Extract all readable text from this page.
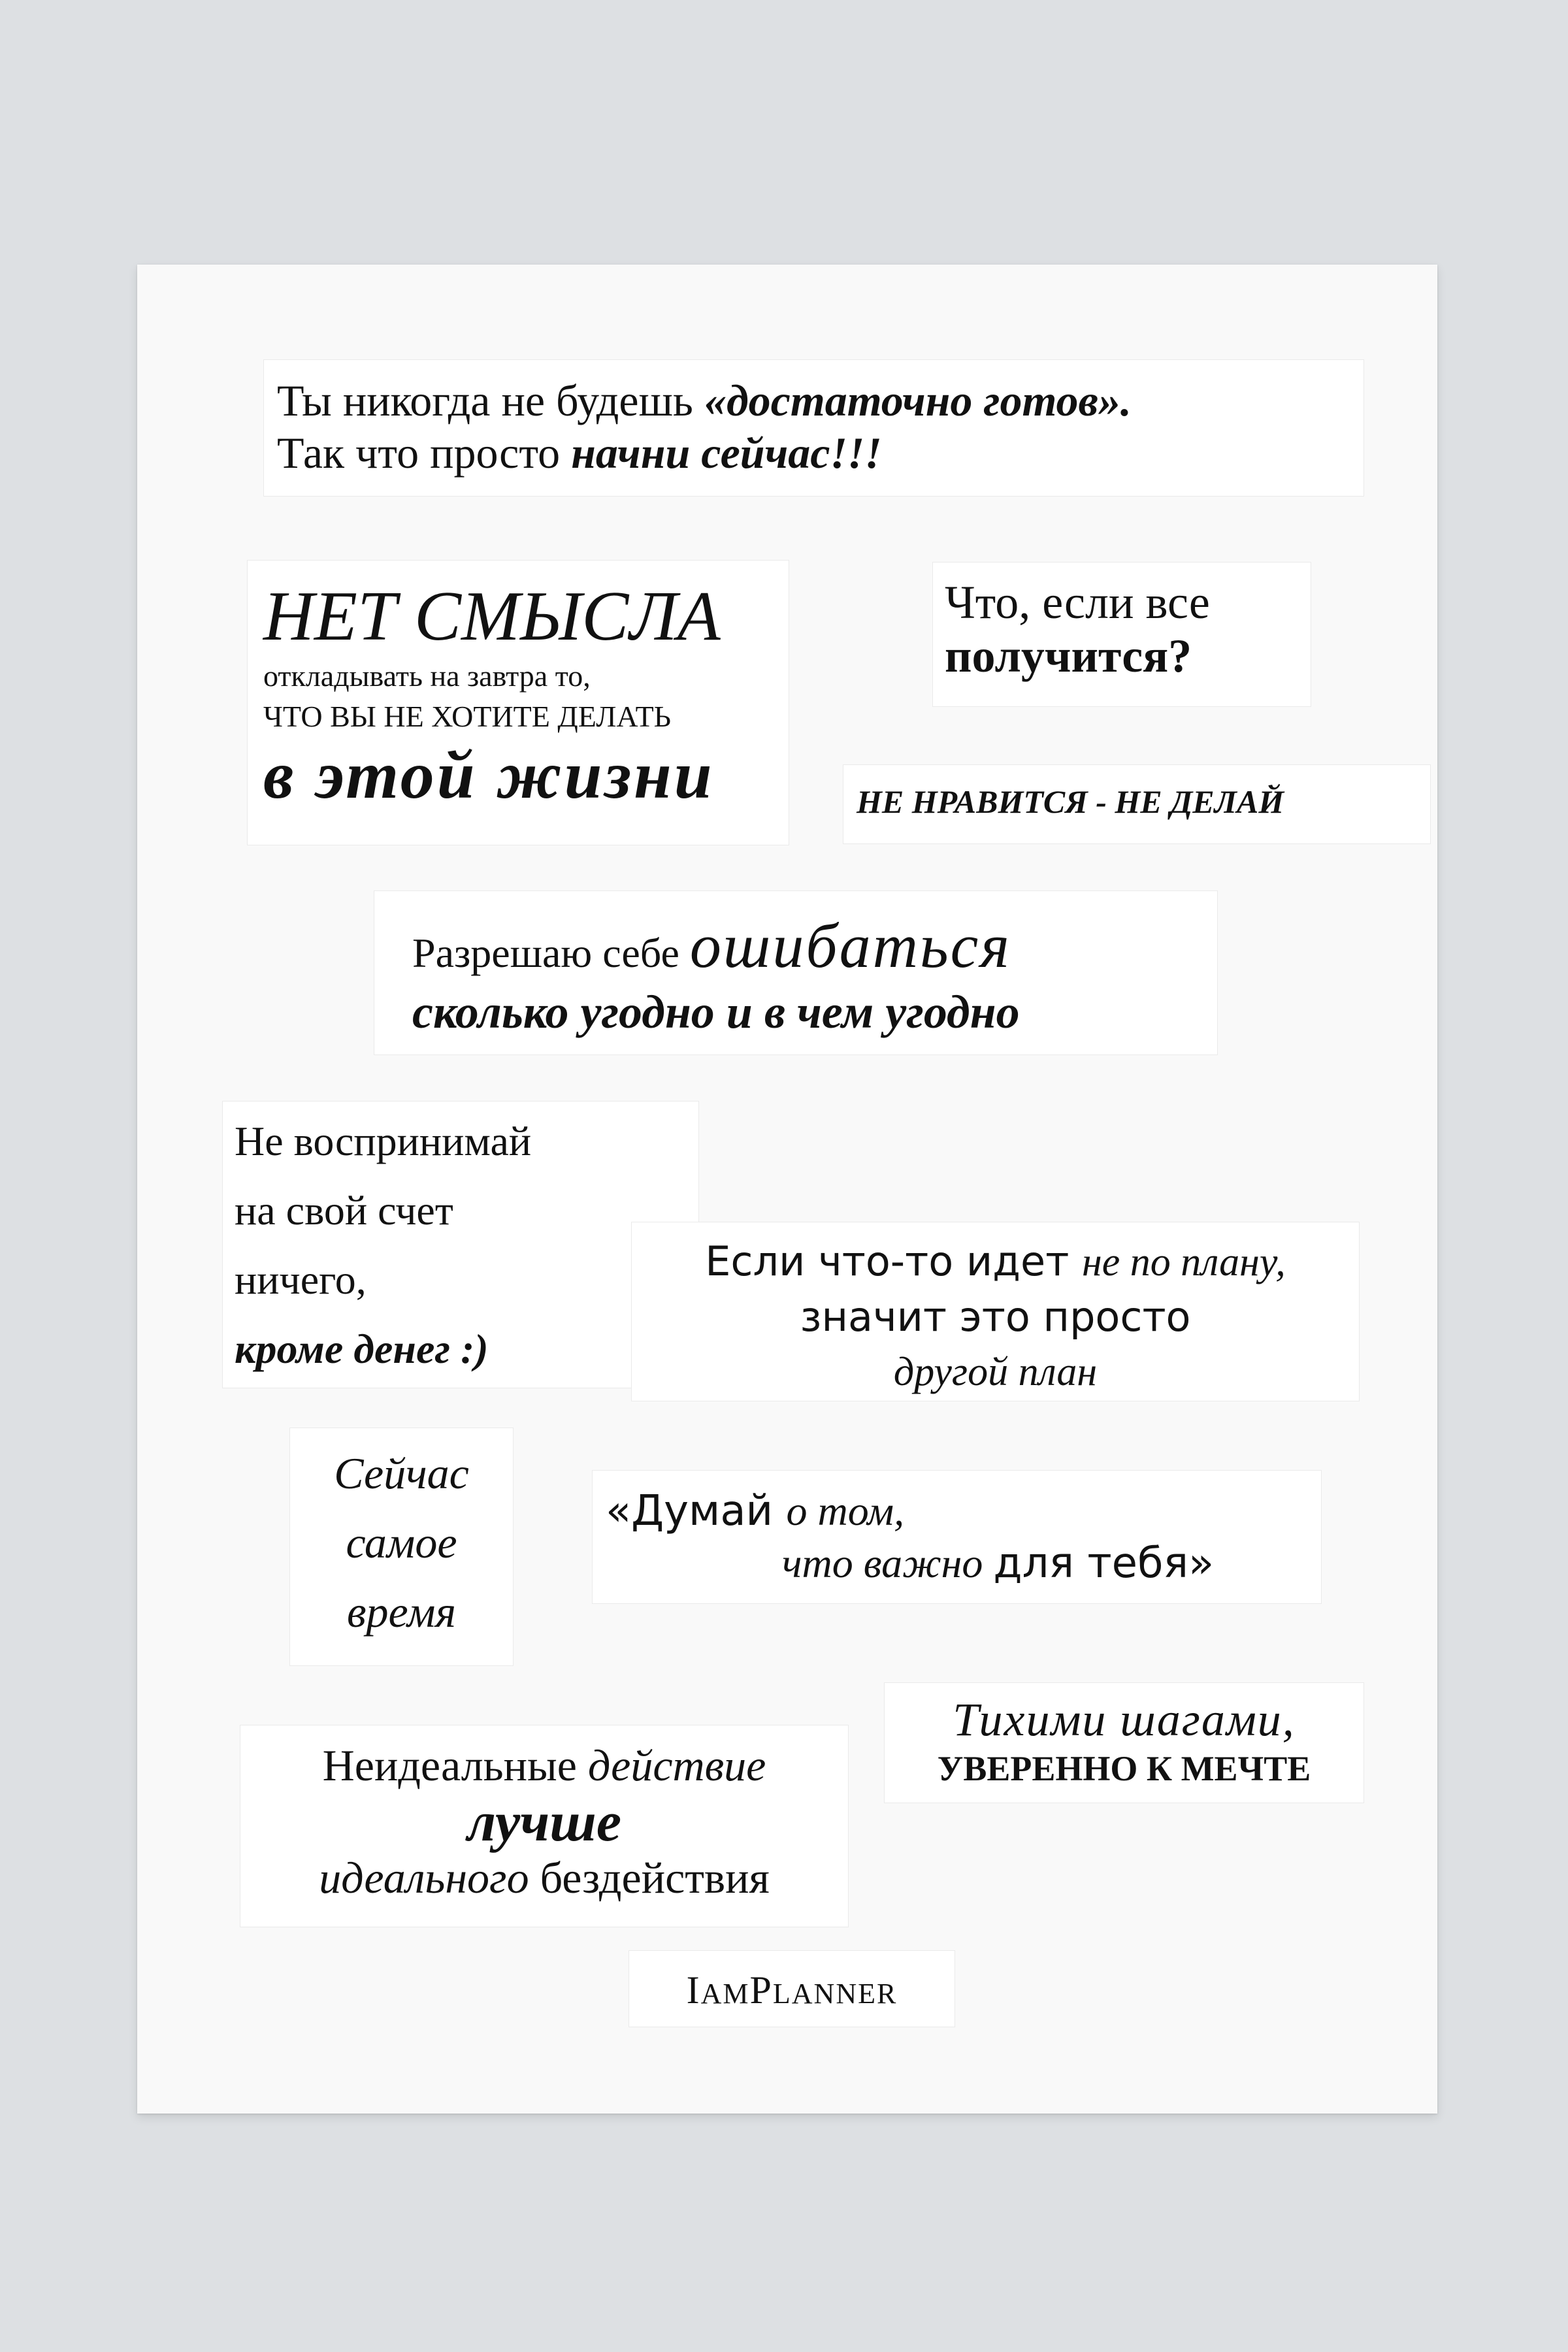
Ты никогда не будешь «достаточно готов».
Так что просто начни сейчас!!!
НЕТ СМЫСЛА
откладывать на завтра то,
ЧТО ВЫ НЕ ХОТИТЕ ДЕЛАТЬ
в этой жизни
Что, если все
получится?
НЕ НРАВИТСЯ - НЕ ДЕЛАЙ
Разрешаю себе ошибаться
сколько угодно и в чем угодно
Не воспринимай
на свой счет
ничего,
кроме денег :)
Если что-то идет не по плану,
значит это просто
другой план
Сейчас
самое
время
«Думай о том,
что важно для тебя»
Тихими шагами,
УВЕРЕННО К МЕЧТЕ
Неидеальные действие
лучше
идеального бездействия
IAMPLANNER
